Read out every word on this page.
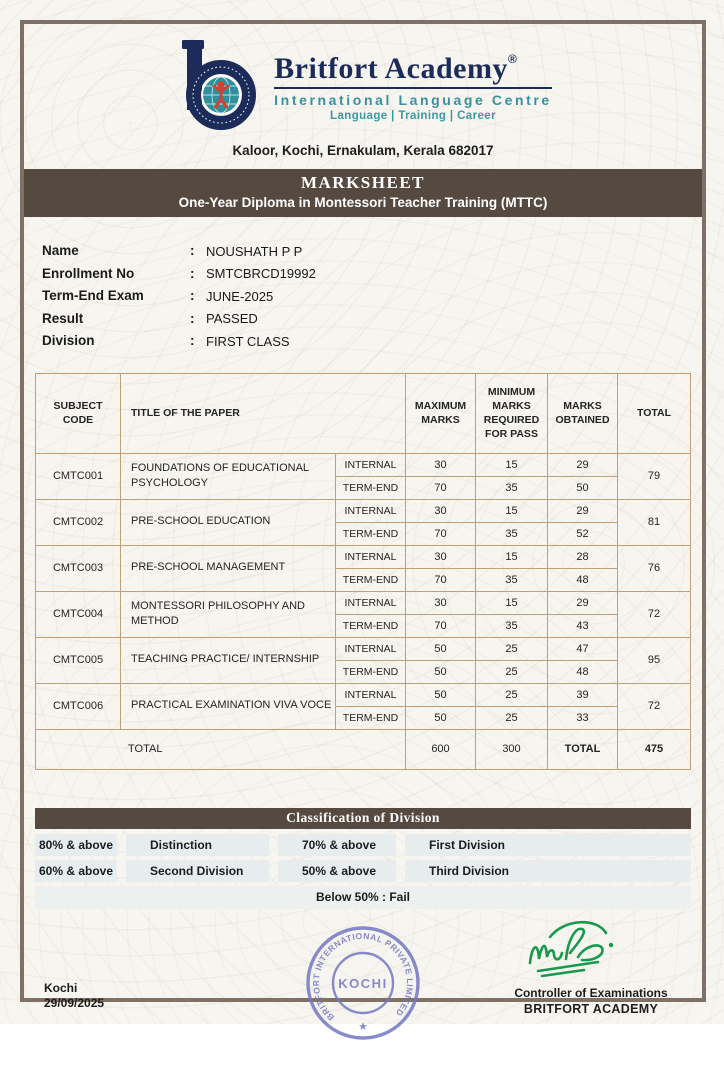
Britfort Academy®
International Language Centre
Language | Training | Career
Kaloor, Kochi, Ernakulam, Kerala 682017
MARKSHEET
One-Year Diploma in Montessori Teacher Training (MTTC)
Name	: NOUSHATH P P
Enrollment No	: SMTCBRCD19992
Term-End Exam	: JUNE-2025
Result	: PASSED
Division	: FIRST CLASS
SUBJECT CODE	TITLE OF THE PAPER		MAXIMUM MARKS	MINIMUM MARKS REQUIRED FOR PASS	MARKS OBTAINED	TOTAL
CMTC001	FOUNDATIONS OF EDUCATIONAL PSYCHOLOGY	INTERNAL	30	15	29	79
		TERM-END	70	35	50	
CMTC002	PRE-SCHOOL EDUCATION	INTERNAL	30	15	29	81
		TERM-END	70	35	52	
CMTC003	PRE-SCHOOL MANAGEMENT	INTERNAL	30	15	28	76
		TERM-END	70	35	48	
CMTC004	MONTESSORI PHILOSOPHY AND METHOD	INTERNAL	30	15	29	72
		TERM-END	70	35	43	
CMTC005	TEACHING PRACTICE/ INTERNSHIP	INTERNAL	50	25	47	95
		TERM-END	50	25	48	
CMTC006	PRACTICAL EXAMINATION VIVA VOCE	INTERNAL	50	25	39	72
		TERM-END	50	25	33	
TOTAL			600	300	TOTAL	475
Classification of Division
80% & above	Distinction	70% & above	First Division
60% & above	Second Division	50% & above	Third Division
Below 50% : Fail
Kochi
29/09/2025
BRITFORT INTERNATIONAL PRIVATE LIMITED
KOCHI
★
Controller of Examinations
BRITFORT ACADEMY
